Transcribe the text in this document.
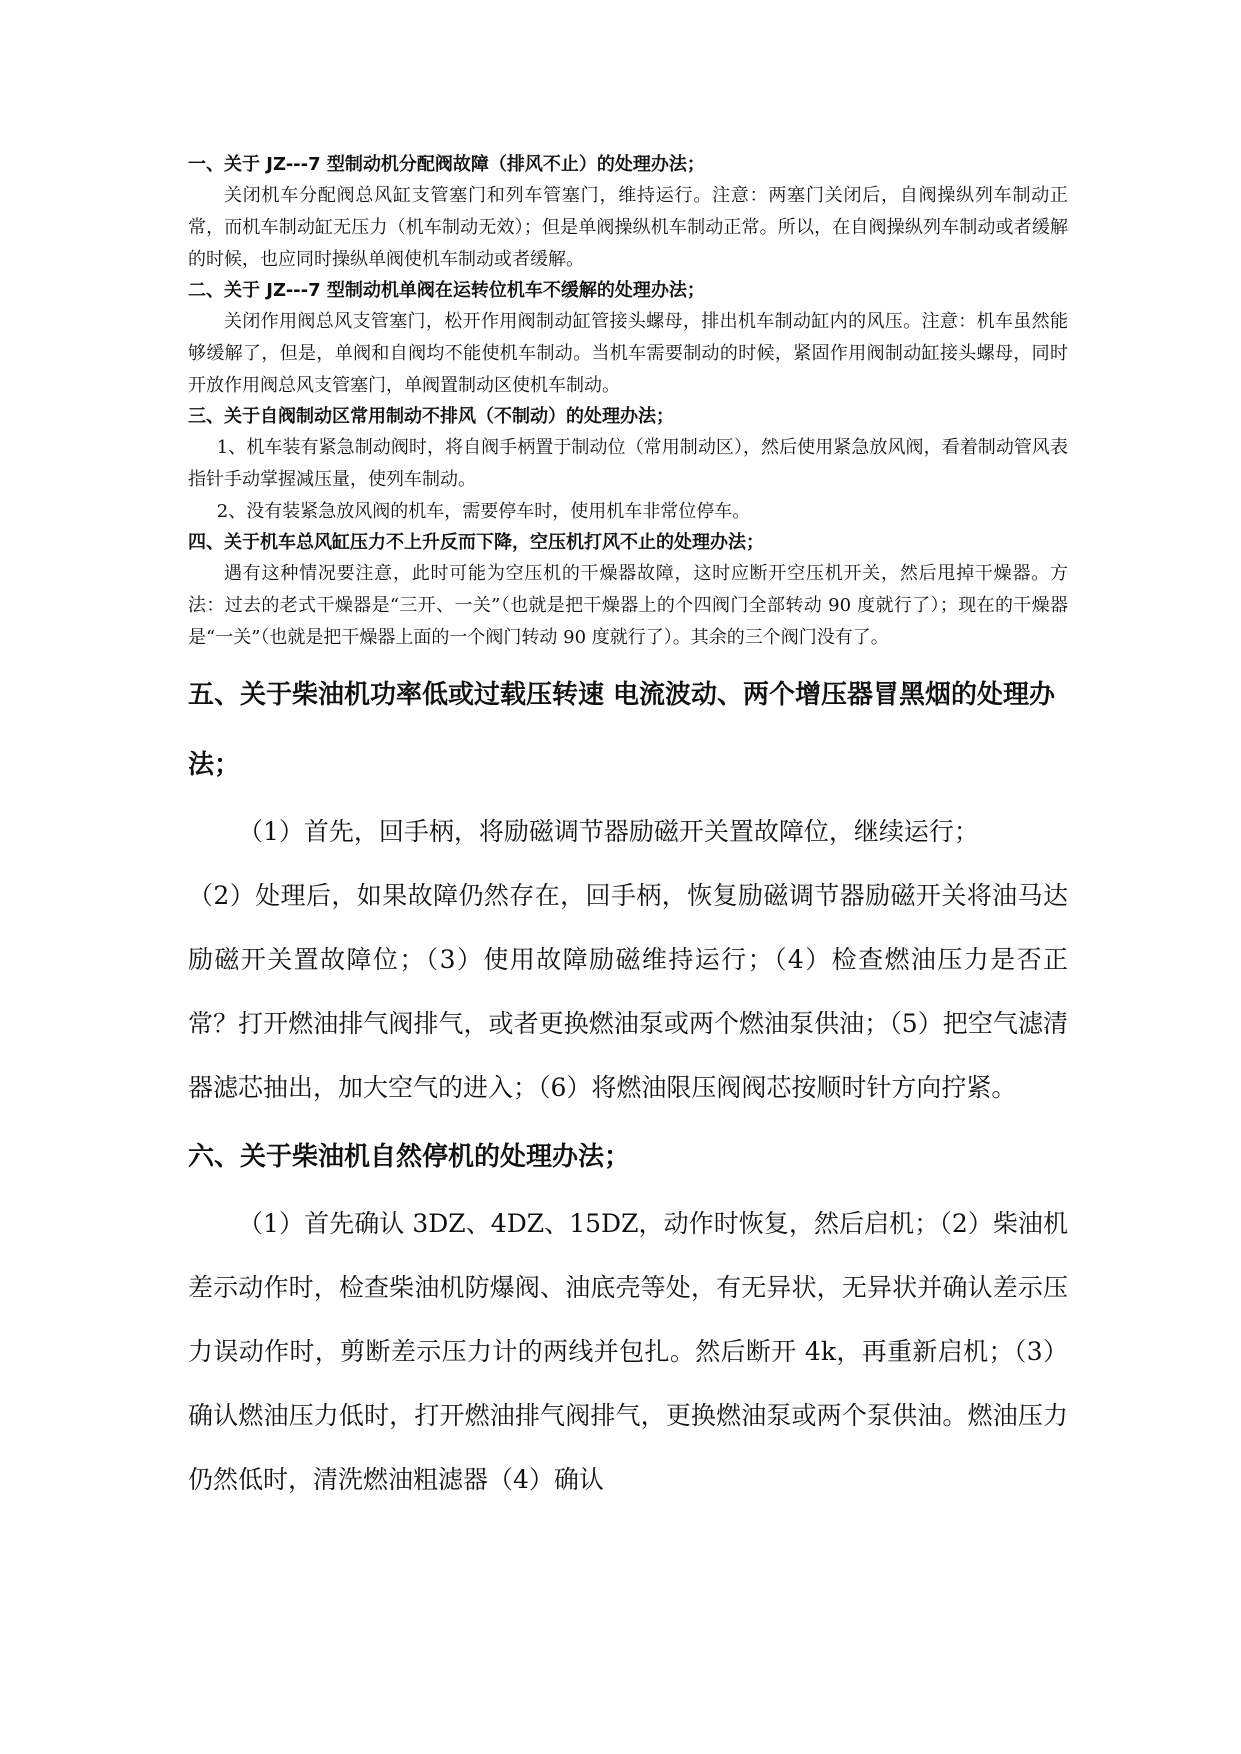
一、关于 JZ---7 型制动机分配阀故障（排风不止）的处理办法；

关闭机车分配阀总风缸支管塞门和列车管塞门，维持运行。注意：两塞门关闭后，自阀操纵列车制动正常，而机车制动缸无压力（机车制动无效）；但是单阀操纵机车制动正常。所以，在自阀操纵列车制动或者缓解的时候，也应同时操纵单阀使机车制动或者缓解。

二、关于 JZ---7 型制动机单阀在运转位机车不缓解的处理办法；

关闭作用阀总风支管塞门，松开作用阀制动缸管接头螺母，排出机车制动缸内的风压。注意：机车虽然能够缓解了，但是，单阀和自阀均不能使机车制动。当机车需要制动的时候，紧固作用阀制动缸接头螺母，同时开放作用阀总风支管塞门，单阀置制动区使机车制动。

三、关于自阀制动区常用制动不排风（不制动）的处理办法；

1、机车装有紧急制动阀时，将自阀手柄置于制动位（常用制动区），然后使用紧急放风阀，看着制动管风表指针手动掌握减压量，使列车制动。

2、没有装紧急放风阀的机车，需要停车时，使用机车非常位停车。

四、关于机车总风缸压力不上升反而下降，空压机打风不止的处理办法；

遇有这种情况要注意，此时可能为空压机的干燥器故障，这时应断开空压机开关，然后甩掉干燥器。方法：过去的老式干燥器是“三开、一关”（也就是把干燥器上的个四阀门全部转动 90 度就行了）；现在的干燥器是“一关”（也就是把干燥器上面的一个阀门转动 90 度就行了）。其余的三个阀门没有了。

五、关于柴油机功率低或过载压转速 电流波动、两个增压器冒黑烟的处理办法；

（1）首先，回手柄，将励磁调节器励磁开关置故障位，继续运行；

（2）处理后，如果故障仍然存在，回手柄，恢复励磁调节器励磁开关将油马达励磁开关置故障位；（3）使用故障励磁维持运行；（4）检查燃油压力是否正常？打开燃油排气阀排气，或者更换燃油泵或两个燃油泵供油；（5）把空气滤清器滤芯抽出，加大空气的进入；（6）将燃油限压阀阀芯按顺时针方向拧紧。

六、关于柴油机自然停机的处理办法；

（1）首先确认 3DZ、4DZ、15DZ，动作时恢复，然后启机；（2）柴油机差示动作时，检查柴油机防爆阀、油底壳等处，有无异状，无异状并确认差示压力误动作时，剪断差示压力计的两线并包扎。然后断开 4k，再重新启机；（3）确认燃油压力低时，打开燃油排气阀排气，更换燃油泵或两个泵供油。燃油压力仍然低时，清洗燃油粗滤器（4）确认
